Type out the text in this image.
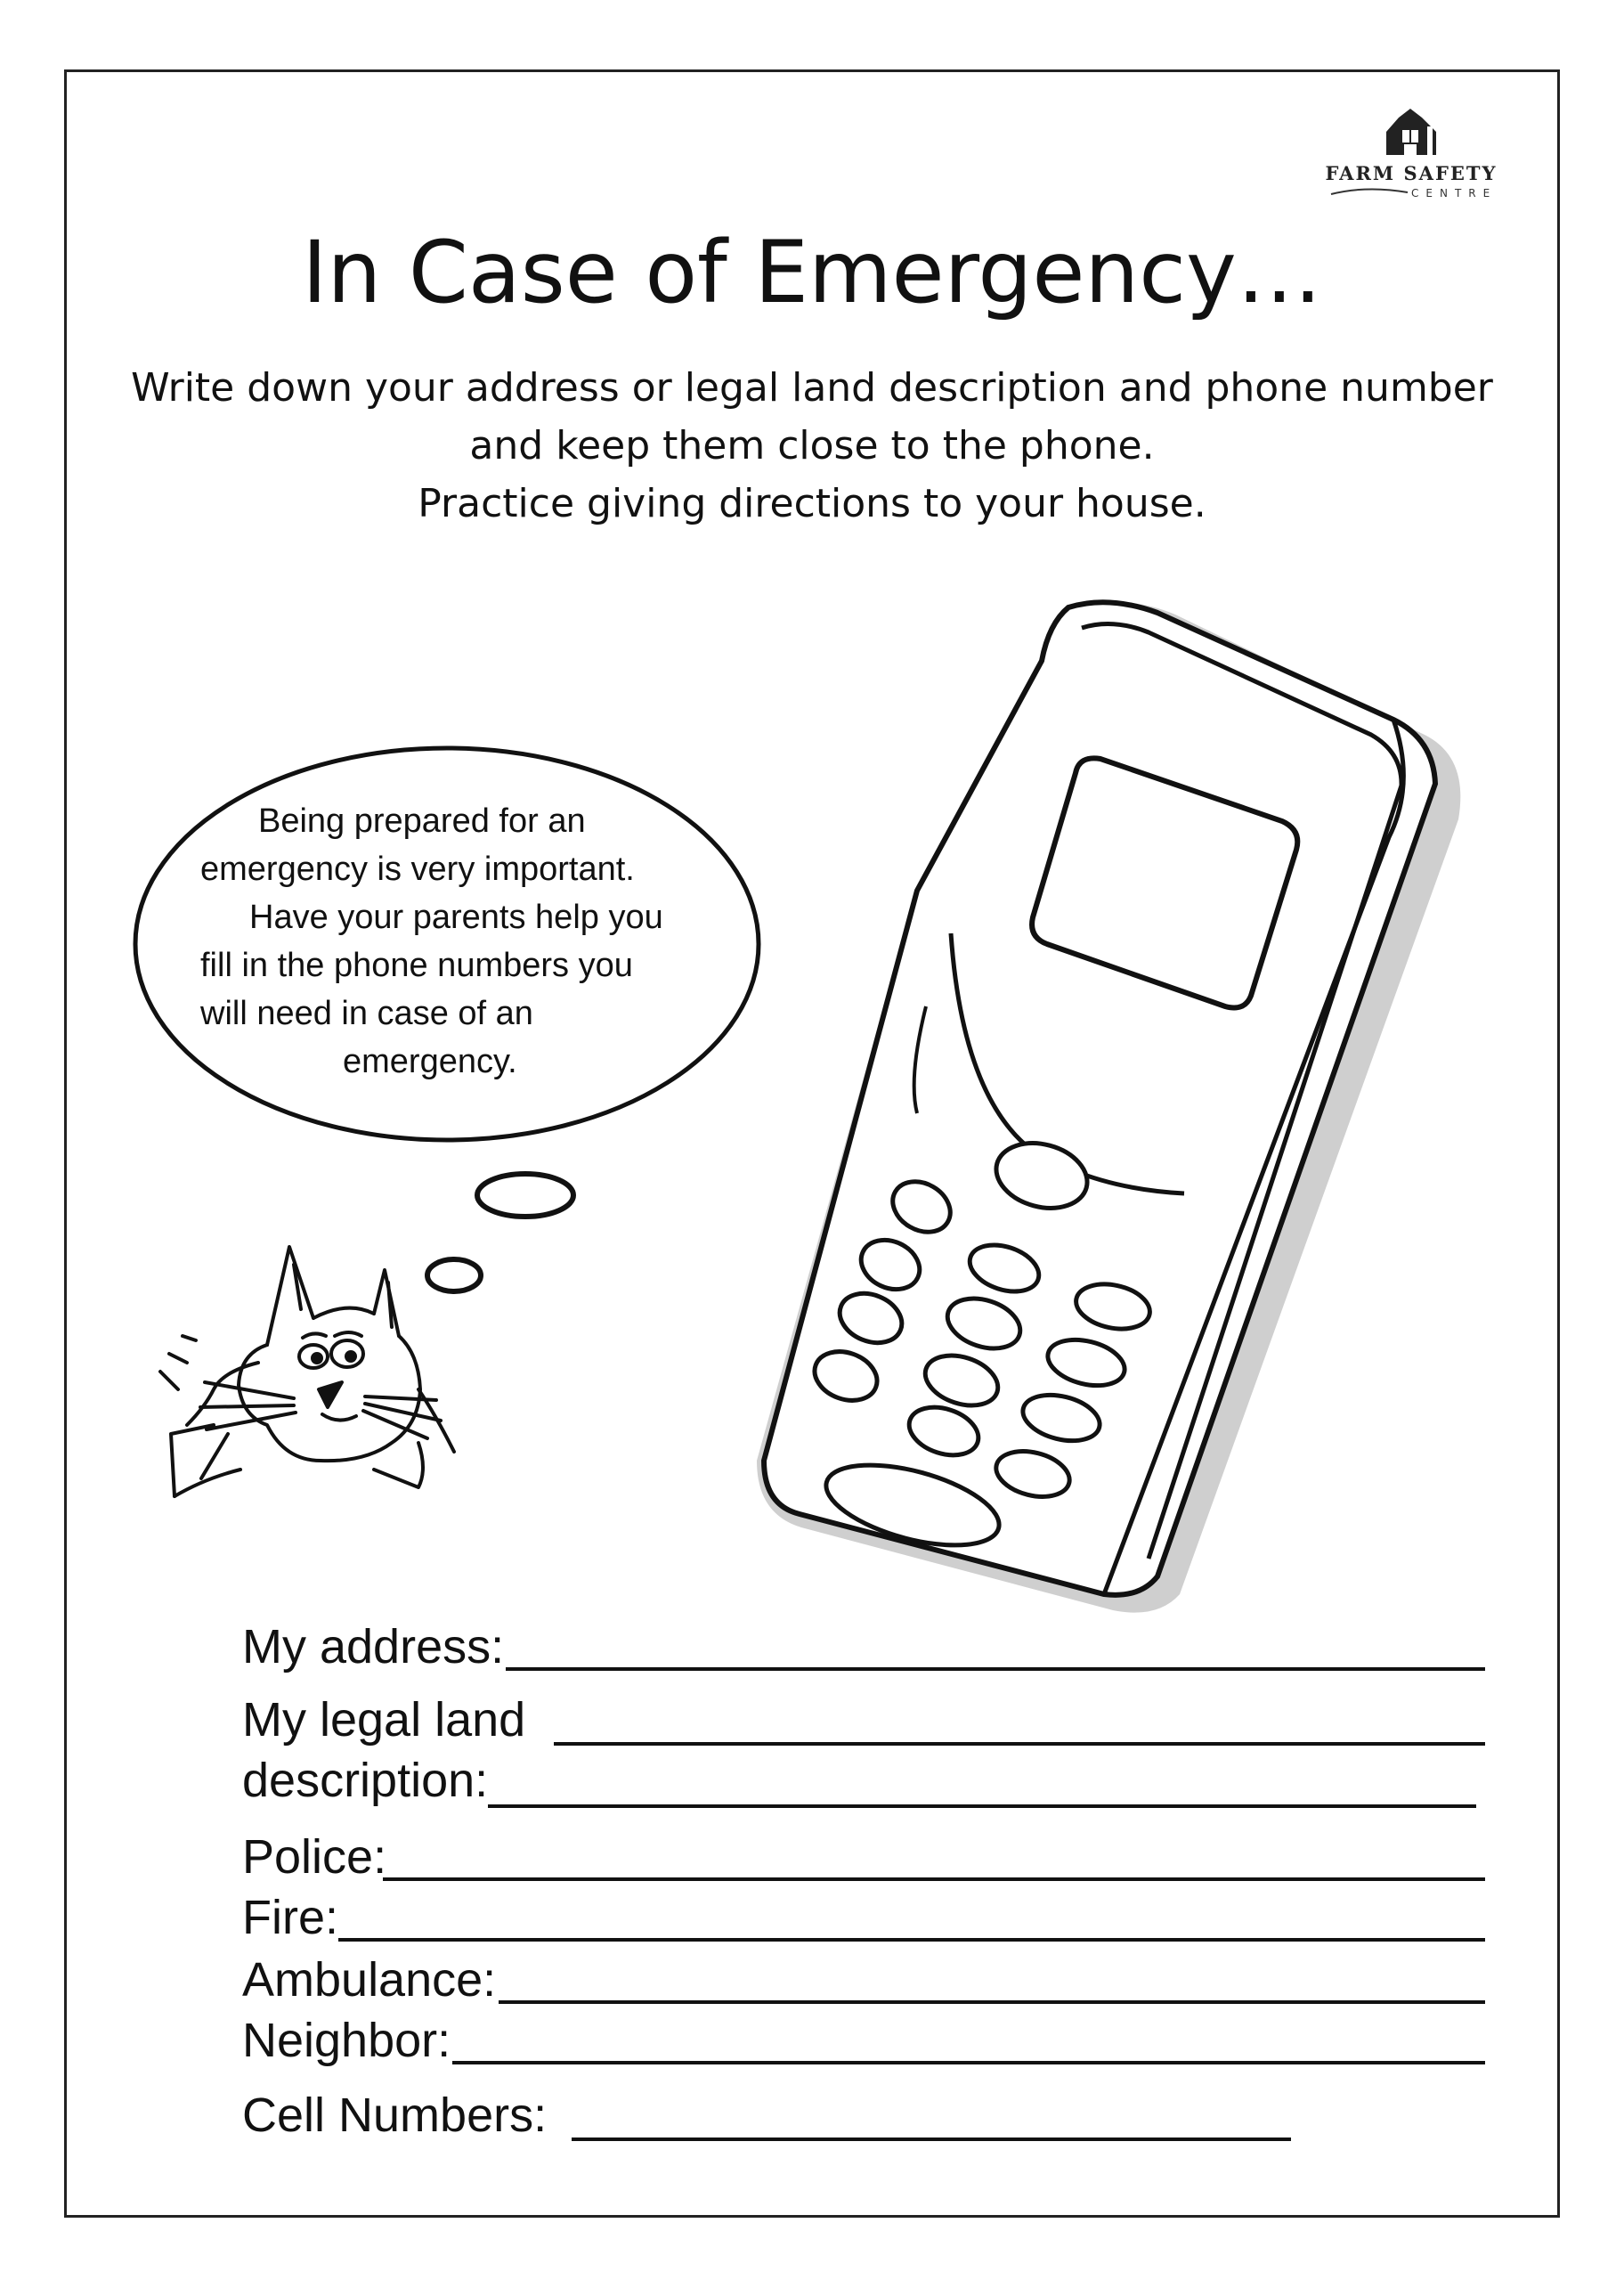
FARM SAFETY
CENTRE
In Case of Emergency…
Write down your address or legal land description and phone number
and keep them close to the phone.
Practice giving directions to your house.
Being prepared for an
emergency is very important.
Have your parents help you
fill in the phone numbers you
will need in case of an
emergency.
My address:
My legal land
description:
Police:
Fire:
Ambulance:
Neighbor:
Cell Numbers:
